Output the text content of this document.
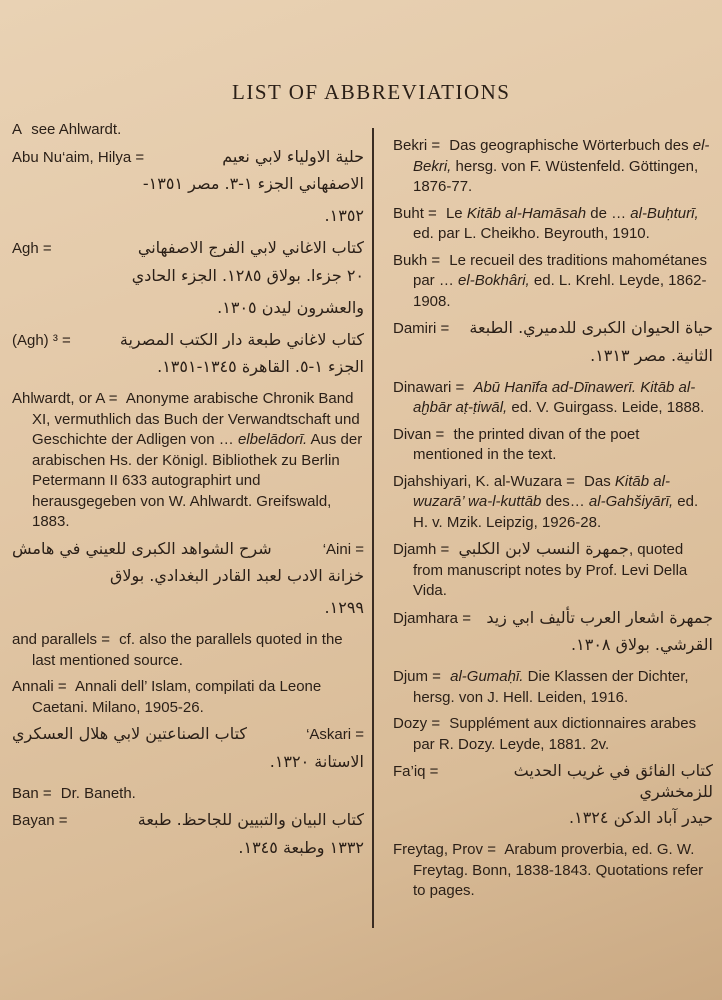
LIST OF ABBREVIATIONS
A see Ahlwardt.
Abu Nu‘aim, Hilya =	حلية الاولياء لابي نعيم
الاصفهاني الجزء ١-٣. مصر ١٣٥١-
١٣٥٢.
Agh =	كتاب الاغاني لابي الفرج الاصفهاني
٢٠ جزءا. بولاق ١٢٨٥. الجزء الحادي
والعشرون ليدن ١٣٠٥.
(Agh) ³ =	كتاب لاغاني طبعة دار الكتب المصرية
الجزء ١-٥. القاهرة ١٣٤٥-١٣٥١.
Ahlwardt, or A = Anonyme arabische Chronik Band XI, vermuthlich das Buch der Verwandtschaft und Geschichte der Adligen von … elbelādorī. Aus der arabischen Hs. der Königl. Bibliothek zu Berlin Petermann II 633 autographirt und herausgegeben von W. Ahlwardt. Greifswald, 1883.
شرح الشواهد الكبرى للعيني في هامش	‘Aini =
خزانة الادب لعبد القادر البغدادي. بولاق
١٢٩٩.
and parallels = cf. also the parallels quoted in the last mentioned source.
Annali = Annali dell’ Islam, compilati da Leone Caetani. Milano, 1905-26.
كتاب الصناعتين لابي هلال العسكري	‘Askari =
الاستانة ١٣٢٠.
Ban = Dr. Baneth.
Bayan =	كتاب البيان والتبيين للجاحظ. طبعة
١٣٣٢ وطبعة ١٣٤٥.
Bekri = Das geographische Wörterbuch des el-Bekri, hersg. von F. Wüstenfeld. Göttingen, 1876-77.
Buht = Le Kitāb al-Hamāsah de … al-Buḥturī, ed. par L. Cheikho. Beyrouth, 1910.
Bukh = Le recueil des traditions mahométanes par … el-Bokhâri, ed. L. Krehl. Leyde, 1862-1908.
Damiri = حياة الحيوان الكبرى للدميري. الطبعة
الثانية. مصر ١٣١٣.
Dinawari = Abū Hanīfa ad-Dīnawerī. Kitāb al-aḫbār aṭ-ṭiwāl, ed. V. Guirgass. Leide, 1888.
Divan = the printed divan of the poet mentioned in the text.
Djahshiyari, K. al-Wuzara = Das Kitāb al-wuzarā’ wa-l-kuttāb des… al-Gahšiyārī, ed. H. v. Mzik. Leipzig, 1926-28.
Djamh = جمهرة النسب لابن الكلبي, quoted from manuscript notes by Prof. Levi Della Vida.
Djamhara = جمهرة اشعار العرب تأليف ابي زيد
القرشي. بولاق ١٣٠٨.
Djum = al-Gumaḥī. Die Klassen der Dichter, hersg. von J. Hell. Leiden, 1916.
Dozy = Supplément aux dictionnaires arabes par R. Dozy. Leyde, 1881. 2v.
Fa’iq =	كتاب الفائق في غريب الحديث للزمخشري
حيدر آباد الدكن ١٣٢٤.
Freytag, Prov = Arabum proverbia, ed. G. W. Freytag. Bonn, 1838-1843. Quotations refer to pages.
